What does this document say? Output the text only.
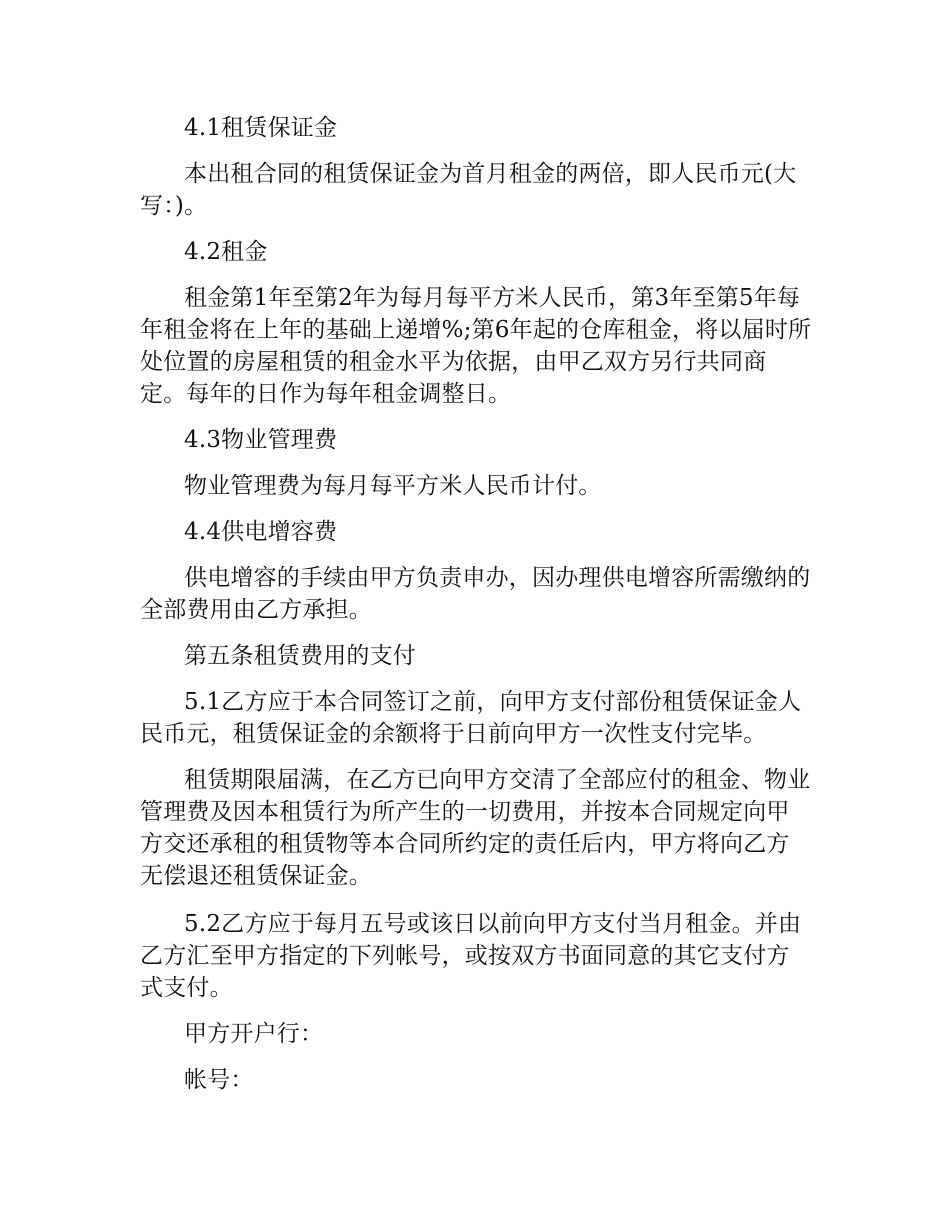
4.1租赁保证金

本出租合同的租赁保证金为首月租金的两倍，即人民币元(大写：)。

4.2租金

租金第1年至第2年为每月每平方米人民币，第3年至第5年每年租金将在上年的基础上递增%;第6年起的仓库租金，将以届时所处位置的房屋租赁的租金水平为依据，由甲乙双方另行共同商定。每年的日作为每年租金调整日。

4.3物业管理费

物业管理费为每月每平方米人民币计付。

4.4供电增容费

供电增容的手续由甲方负责申办，因办理供电增容所需缴纳的全部费用由乙方承担。

第五条租赁费用的支付

5.1乙方应于本合同签订之前，向甲方支付部份租赁保证金人民币元，租赁保证金的余额将于日前向甲方一次性支付完毕。

租赁期限届满，在乙方已向甲方交清了全部应付的租金、物业管理费及因本租赁行为所产生的一切费用，并按本合同规定向甲方交还承租的租赁物等本合同所约定的责任后内，甲方将向乙方无偿退还租赁保证金。

5.2乙方应于每月五号或该日以前向甲方支付当月租金。并由乙方汇至甲方指定的下列帐号，或按双方书面同意的其它支付方式支付。

甲方开户行：

帐号：
